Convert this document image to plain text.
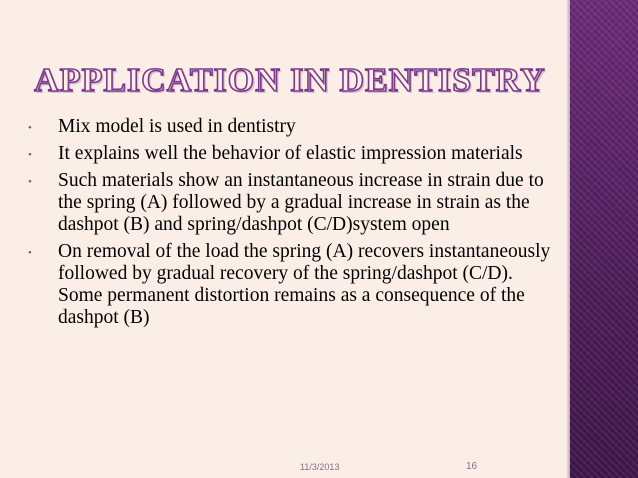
APPLICATION IN DENTISTRY
• Mix model is used in dentistry
• It explains well the behavior of elastic impression materials
• Such materials show an instantaneous increase in strain due to the spring (A) followed by a gradual increase in strain as the dashpot (B) and spring/dashpot (C/D)system open
• On removal of the load the spring (A) recovers instantaneously followed by gradual recovery of the spring/dashpot (C/D). Some permanent distortion remains as a consequence of the dashpot (B)
11/3/2013	16
